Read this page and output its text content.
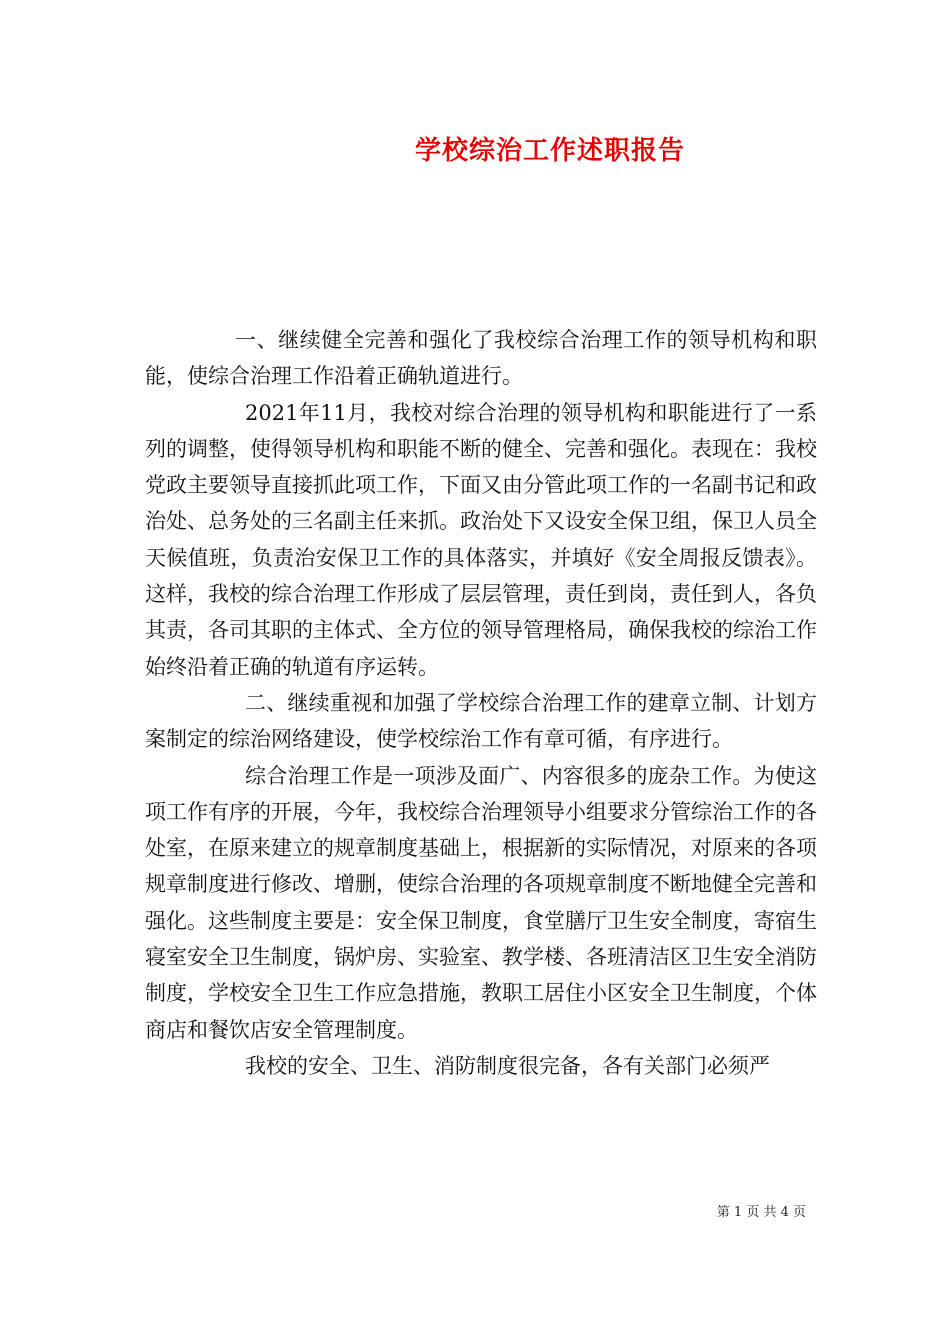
学校综治工作述职报告

一、继续健全完善和强化了我校综合治理工作的领导机构和职能，使综合治理工作沿着正确轨道进行。

2021年11月，我校对综合治理的领导机构和职能进行了一系列的调整，使得领导机构和职能不断的健全、完善和强化。表现在：我校党政主要领导直接抓此项工作，下面又由分管此项工作的一名副书记和政治处、总务处的三名副主任来抓。政治处下又设安全保卫组，保卫人员全天候值班，负责治安保卫工作的具体落实，并填好《安全周报反馈表》。这样，我校的综合治理工作形成了层层管理，责任到岗，责任到人，各负其责，各司其职的主体式、全方位的领导管理格局，确保我校的综治工作始终沿着正确的轨道有序运转。

二、继续重视和加强了学校综合治理工作的建章立制、计划方案制定的综治网络建设，使学校综治工作有章可循，有序进行。

综合治理工作是一项涉及面广、内容很多的庞杂工作。为使这项工作有序的开展，今年，我校综合治理领导小组要求分管综治工作的各处室，在原来建立的规章制度基础上，根据新的实际情况，对原来的各项规章制度进行修改、增删，使综合治理的各项规章制度不断地健全完善和强化。这些制度主要是：安全保卫制度，食堂膳厅卫生安全制度，寄宿生寝室安全卫生制度，锅炉房、实验室、教学楼、各班清洁区卫生安全消防制度，学校安全卫生工作应急措施，教职工居住小区安全卫生制度，个体商店和餐饮店安全管理制度。

我校的安全、卫生、消防制度很完备，各有关部门必须严

第 1 页 共 4 页
